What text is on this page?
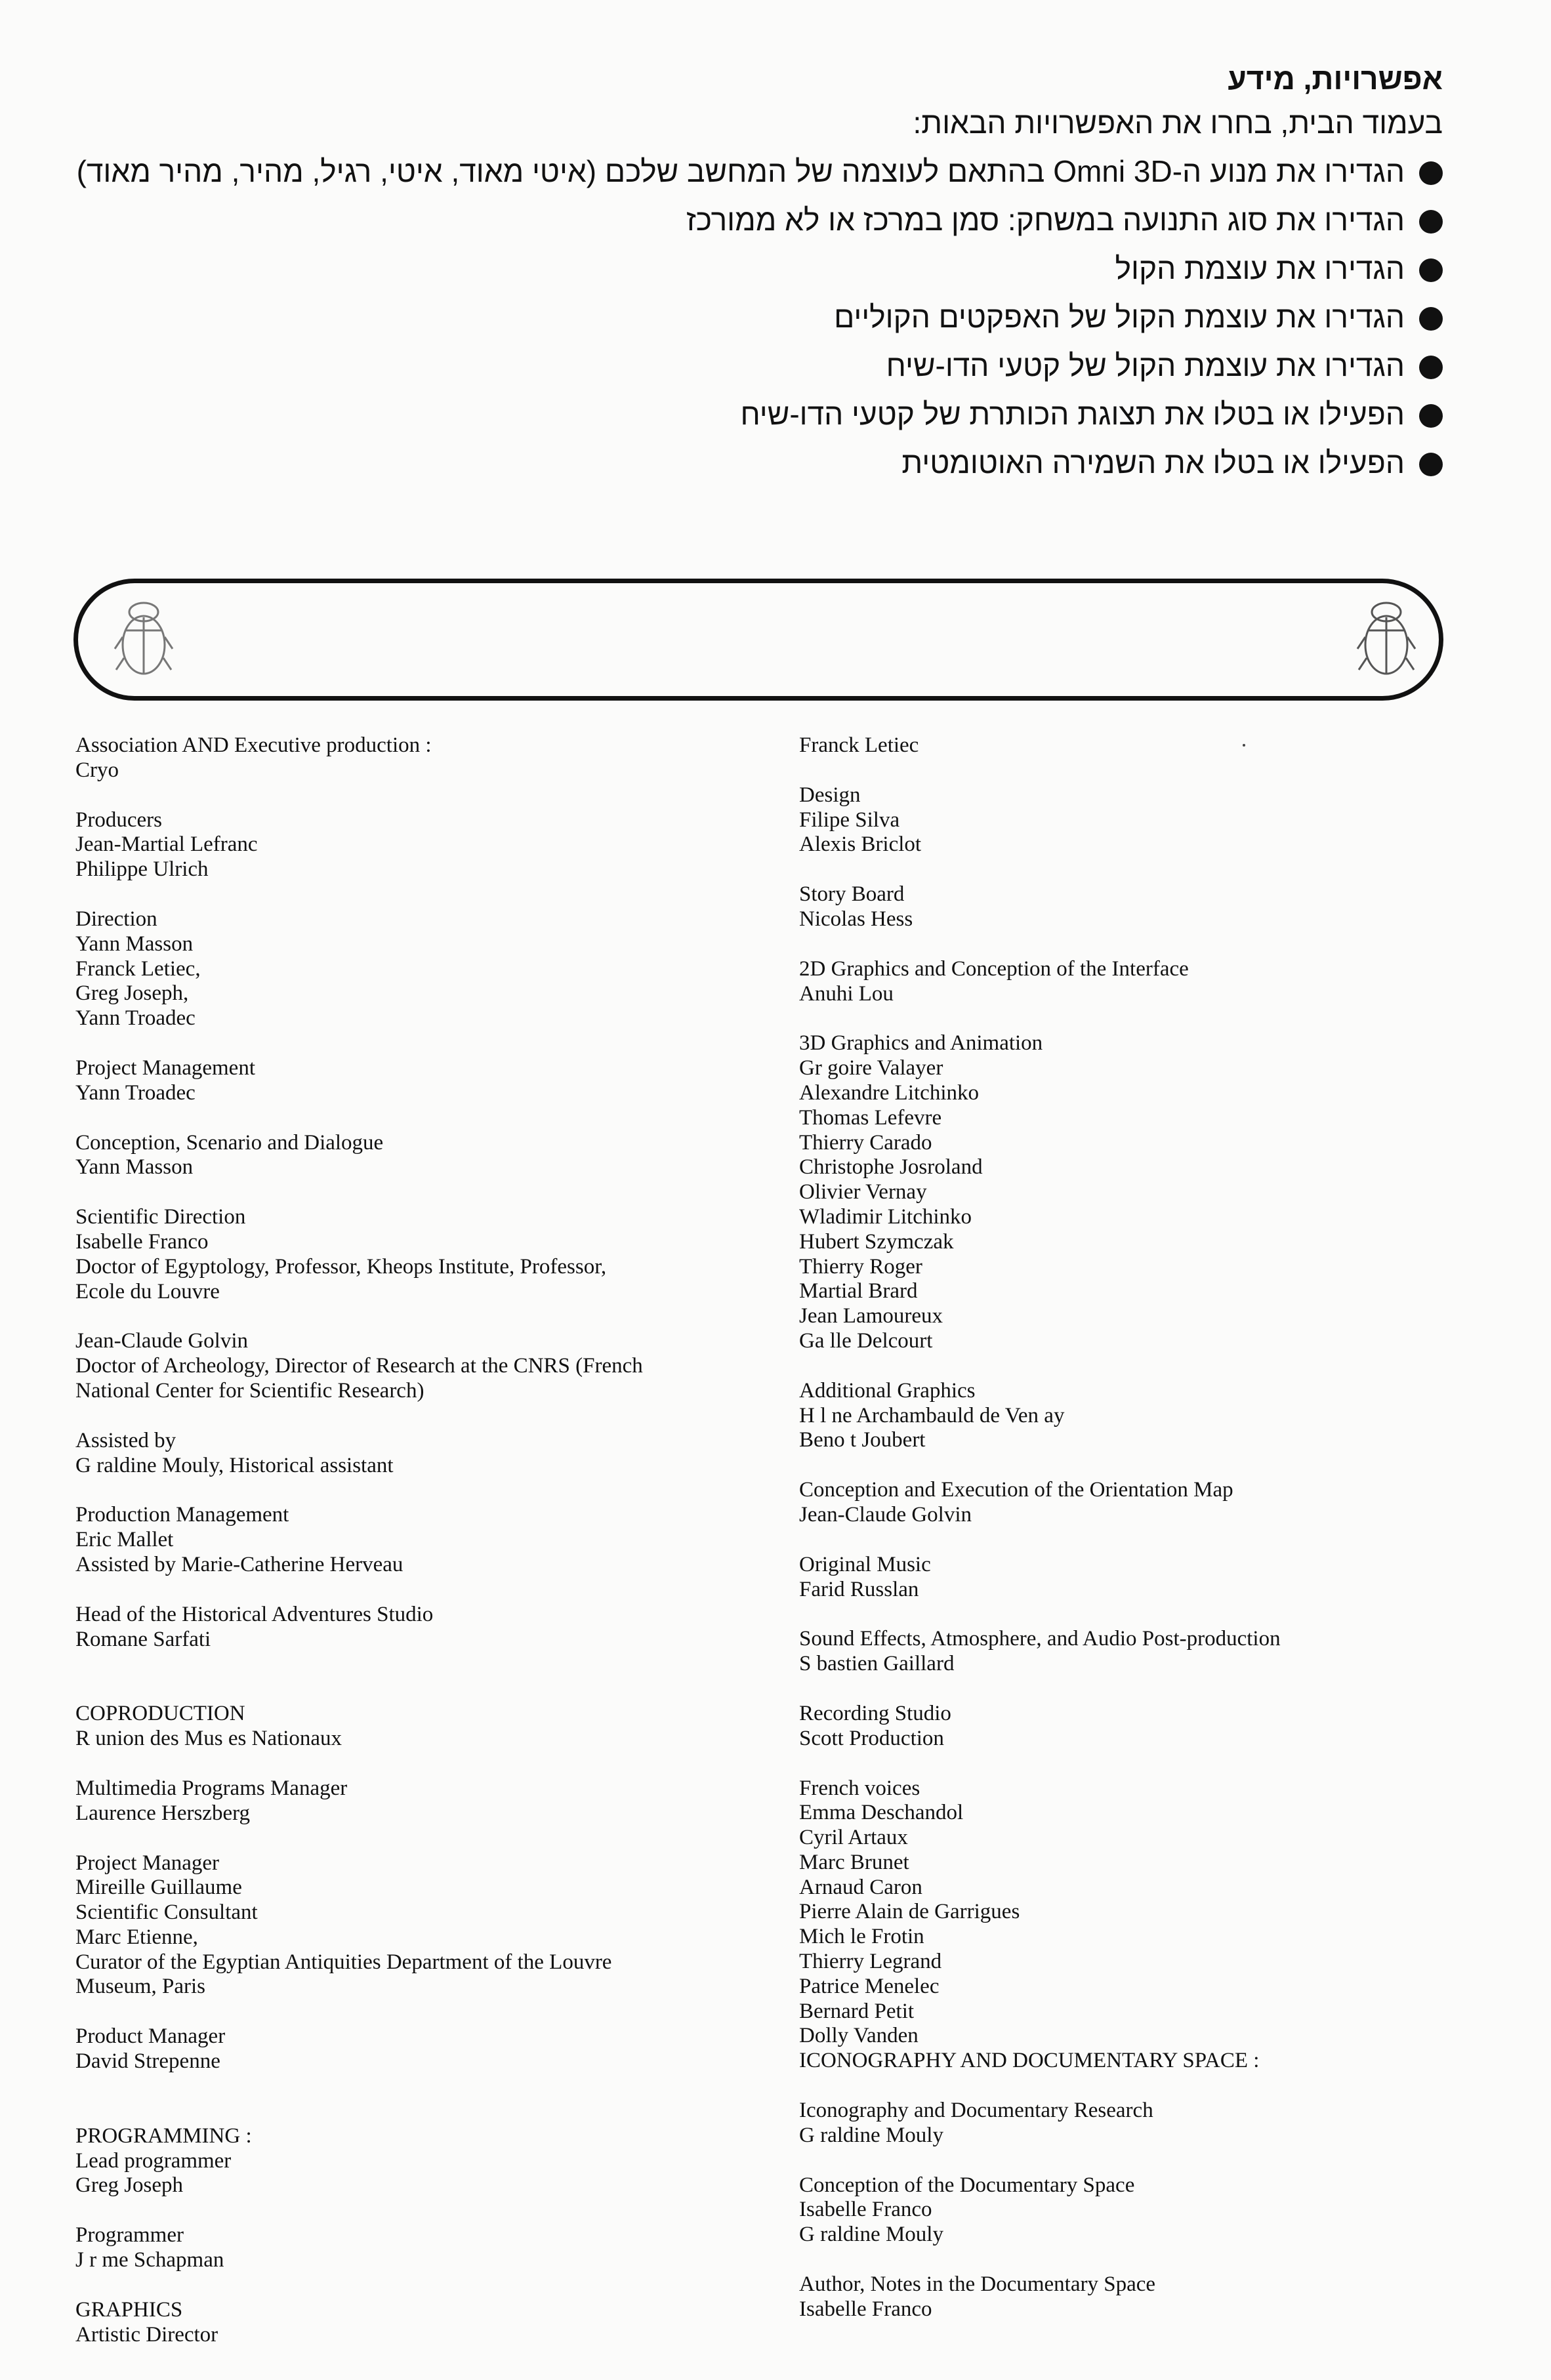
אפשרויות, מידע

בעמוד הבית, בחרו את האפשרויות הבאות:

הגדירו את מנוע ה-Omni 3D בהתאם לעוצמה של המחשב שלכם (איטי מאוד, איטי, רגיל, מהיר, מהיר מאוד)
הגדירו את סוג התנועה במשחק: סמן במרכז או לא ממורכז
הגדירו את עוצמת הקול
הגדירו את עוצמת הקול של האפקטים הקוליים
הגדירו את עוצמת הקול של קטעי הדו-שיח
הפעילו או בטלו את תצוגת הכותרת של קטעי הדו-שיח
הפעילו או בטלו את השמירה האוטומטית
Association AND Executive production :
Cryo
Producers
Jean-Martial Lefranc
Philippe Ulrich
Direction
Yann Masson
Franck Letiec,
Greg Joseph,
Yann Troadec
Project Management
Yann Troadec
Conception, Scenario and Dialogue
Yann Masson
Scientific Direction
Isabelle Franco
Doctor of Egyptology, Professor, Kheops Institute, Professor,
Ecole du Louvre
Jean-Claude Golvin
Doctor of Archeology, Director of Research at the CNRS (French
National Center for Scientific Research)
Assisted by
G raldine Mouly, Historical assistant
Production Management
Eric Mallet
Assisted by Marie-Catherine Herveau
Head of the Historical Adventures Studio
Romane Sarfati
COPRODUCTION
R union des Mus es Nationaux
Multimedia Programs Manager
Laurence Herszberg
Project Manager
Mireille Guillaume
Scientific Consultant
Marc Etienne,
Curator of the Egyptian Antiquities Department of the Louvre
Museum, Paris
Product Manager
David Strepenne
PROGRAMMING :
Lead programmer
Greg Joseph
Programmer
J r me Schapman
GRAPHICS
Artistic Director
Franck Letiec
Design
Filipe Silva
Alexis Briclot
Story Board
Nicolas Hess
2D Graphics and Conception of the Interface
Anuhi Lou
3D Graphics and Animation
Gr goire Valayer
Alexandre Litchinko
Thomas Lefevre
Thierry Carado
Christophe Josroland
Olivier Vernay
Wladimir Litchinko
Hubert Szymczak
Thierry Roger
Martial Brard
Jean Lamoureux
Ga lle Delcourt
Additional Graphics
H l ne Archambauld de Ven ay
Beno t Joubert
Conception and Execution of the Orientation Map
Jean-Claude Golvin
Original Music
Farid Russlan
Sound Effects, Atmosphere, and Audio Post-production
S bastien Gaillard
Recording Studio
Scott Production
French voices
Emma Deschandol
Cyril Artaux
Marc Brunet
Arnaud Caron
Pierre Alain de Garrigues
Mich le Frotin
Thierry Legrand
Patrice Menelec
Bernard Petit
Dolly Vanden
ICONOGRAPHY AND DOCUMENTARY SPACE :
Iconography and Documentary Research
G raldine Mouly
Conception of the Documentary Space
Isabelle Franco
G raldine Mouly
Author, Notes in the Documentary Space
Isabelle Franco
